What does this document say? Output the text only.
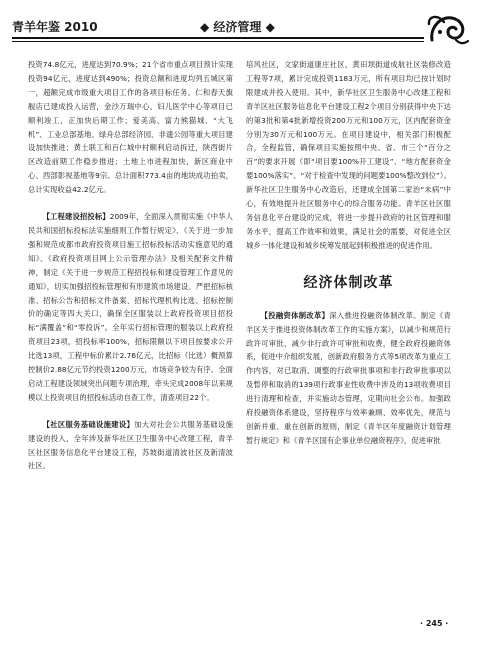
青羊年鉴 2010	◆ 经济管理 ◆

投资74.8亿元，进度达到70.9%；21个省市重点项目预计实现投资94亿元，进度达到490%；投资总额和进度均列五城区第一，超额完成市级重大项目工作的各项目标任务。仁和春天旗舰店已建成投入运营，金沙万瑞中心、妇儿医学中心等项目已顺利竣工，正加快后期工作；爱美高、富力熊猫城、“大飞机”、工业总部基地、绿舟总部经济园、非遗公园等重大项目建设加快推进；黄土联工和百仁城中村顺利启动拆迁，陕西街片区改造前期工作稳步推进；土地上市进程加快，新区商业中心、西部影视基地等9宗、总计面积773.4亩的地块成功拍卖，总计实现收益42.2亿元。

【工程建设招投标】2009年，全面深入贯彻实施《中华人民共和国招标投标法实施细则工作暂行规定》、《关于进一步加强和规范成都市政府投资项目施工招标投标活动实施意见的通知》、《政府投资项目网上公示管理办法》及相关配套文件精神，制定《关于进一步规范工程招投标和建设管理工作意见的通知》，切实加强招投标管理和有形建筑市场建设。严把招标核准、招标公告和招标文件备案、招标代理机构比选、招标控制价的确定等四大关口，确保全区服装以上政府投资项目招投标“满覆盖”和“零投诉”。全年实行招标管理的服装以上政府投资项目23项，招投标率100%，招标限额以下项目按要求公开比选13项，工程中标价累计2.76亿元，比招标（比选）概预算控制价2.88亿元节约投资1200万元，市场竞争较为有序。全面启动工程建设领域突出问题专项治理，牵头完成2008年以来规模以上投资项目的招投标活动自查工作，清查项目22个。

【社区服务基础设施建设】加大对社会公共服务基础设施建设的投入，全年涉及新华社区卫生服务中心改建工程，青羊区社区服务信息化平台建设工程，苏坡街道清波社区及新清波社区、

培风社区，文家街道康庄社区，黄田坝街道成航社区装修改造工程等7项，累计完成投资1183万元，所有项目均已按计划时限建成并投入使用。其中，新华社区卫生服务中心改建工程和青羊区社区服务信息化平台建设工程2个项目分别获得中央下达的第3批和第4批新增投资200万元和100万元，区内配套资金分别为30万元和100万元。在项目建设中，相关部门积极配合，全程监管，确保项目实施按照中央、省、市三个“百分之百”的要求开展（即“项目要100%开工建设”、“地方配套资金要100%落实”、“对于检查中发现的问题要100%整改到位”）。新华社区卫生服务中心改造后，还建成全国第二家治“未病”中心，有效地提升社区服务中心的综合服务功能。青羊区社区服务信息化平台建设的完成，将进一步提升政府的社区管理和服务水平，提高工作效率和效果，满足社会的需要，对促进全区城乡一体化建设和城乡统筹发展起到积极推进的促进作用。

经济体制改革

【投融资体制改革】深入推进投融资体制改革。制定《青羊区关于推进投资体制改革工作的实施方案》，以减少和规范行政许可审批、减少非行政许可审批和收费，健全政府投融资体系，促进中介组织发展，创新政府服务方式等5项改革为重点工作内容，对已取消、调整的行政审批事项和非行政审批事项以及暂停和取消的139项行政事业性收费中涉及的13项收费项目进行清理和检查，并实施动态管理，定期向社会公布。加强政府投融资体系建设，坚持程序与效率兼顾、效率优先，规范与创新并重、重在创新的原则，制定《青羊区年度融资计划管理暂行规定》和《青羊区国有企事业单位融资程序》，促进审批

· 245 ·
